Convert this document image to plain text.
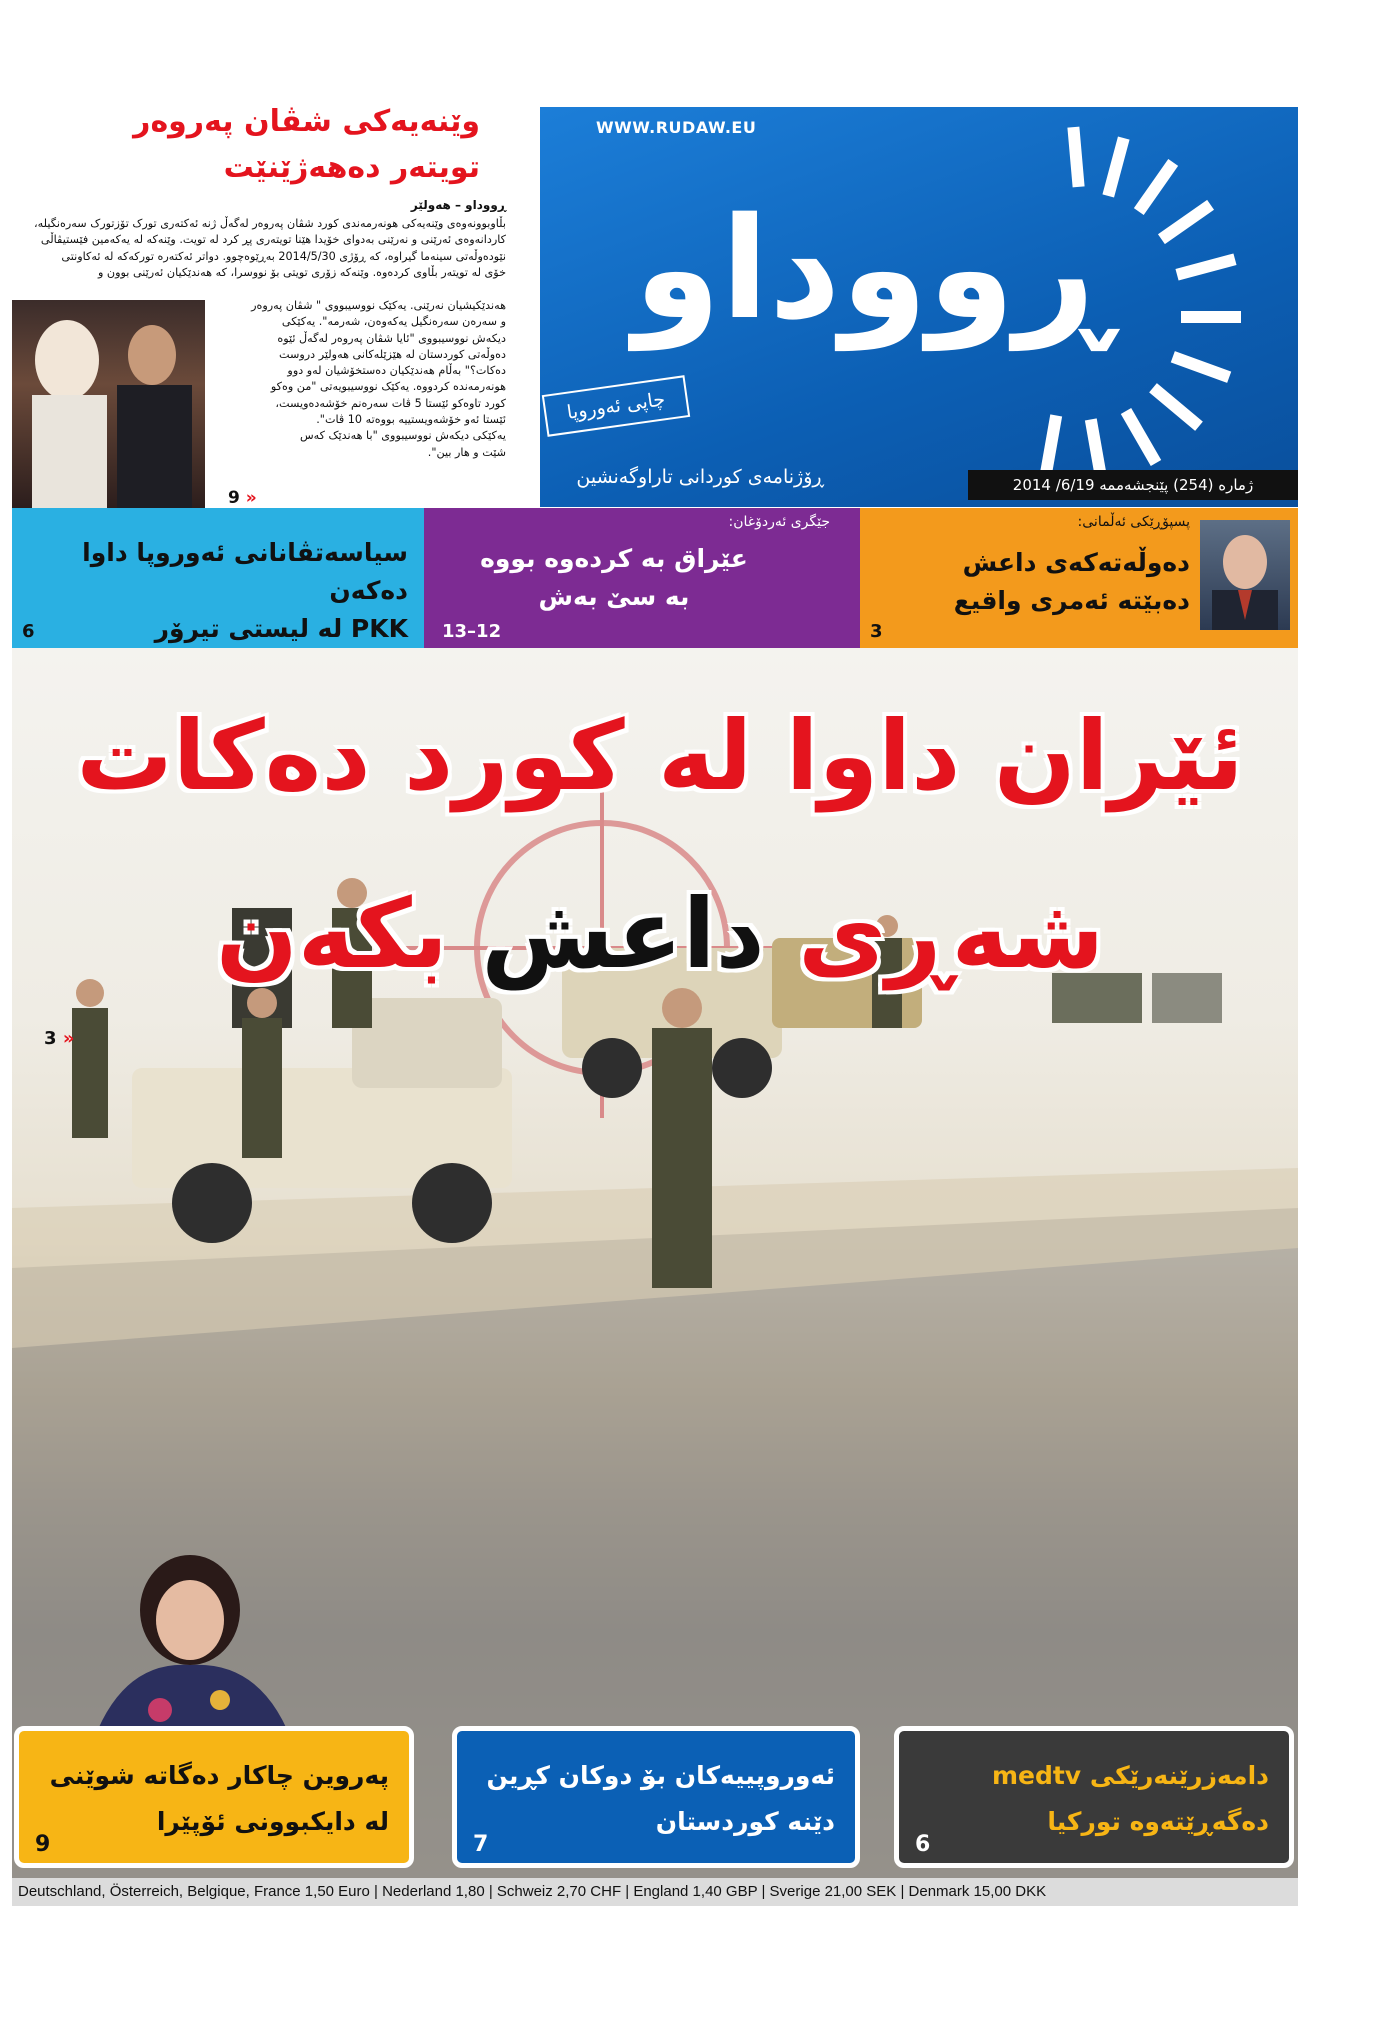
WWW.RUDAW.EU
ڕووداو
چاپی ئەوروپا
ڕۆژنامەی کوردانی تاراوگەنشین	ژمارە (254) پێنجشەممە 6/19/ 2014
وێنەیەکی شڤان پەروەر
تویتەر دەهەژێنێت
ڕووداو – هەولێر
بڵاوبوونەوەی وێنەیەکی هونەرمەندی کورد شڤان پەروەر لەگەڵ ژنە ئەکتەری تورک تۆزتورک سەرەنگیلە،
کاردانەوەی ئەرێنی و نەرێنی بەدوای خۆیدا هێنا تویتەری پڕ کرد لە تویت. وێنەکە لە یەکەمین فێستیڤاڵی
نێودەوڵەتی سینەما گیراوە، کە ڕۆژی 2014/5/30 بەڕێوەچوو. دواتر ئەکتەرە تورکەکە لە ئەکاونتی
خۆی لە تویتەر بڵاوی کردەوە. وێنەکە زۆری تویتی بۆ نووسرا، کە هەندێکیان ئەرێنی بوون و
هەندێکیشیان نەرێنی. یەکێک نووسیبووی " شڤان پەروەر
و سەرەن سەرەنگیل یەکەوەن، شەرمە". یەکێکی
دیکەش نووسیبووی "ئایا شڤان پەروەر لەگەڵ ئێوە
دەوڵەتی کوردستان لە هێزێلەکانی هەولێر دروست
دەکات؟" بەڵام هەندێکیان دەستخۆشیان لەو دوو
هونەرمەندە کردووە. یەکێک نووسیبویەتی "من وەکو
کورد تاوەکو ئێستا 5 ڤات سەرەنم خۆشەدەویست،
ئێستا ئەو خۆشەویستییە بووەتە 10 ڤات".
یەکێکی دیکەش نووسیبووی "با هەندێک کەس
شێت و هار بین".
9 »
سیاسەتڤانانی ئەوروپا داوا دەکەن
PKK لە لیستی تیرۆر
6
جێگری ئەردۆغان:
عێراق بە کردەوە بووە
بە سێ بەش
13–12
پسپۆڕێکی ئەڵمانی:
دەوڵەتەکەی داعش
دەبێتە ئەمری واقیع
3
ئێران داوا لە کورد دەکات
شەڕی داعش بکەن
3 »
پەروین چاکار دەگاتە شوێنی
لە دایکبوونی ئۆپێرا
9
ئەوروپییەکان بۆ دوکان کڕین
دێنە کوردستان
7
دامەزرێنەرێکی medtv
دەگەڕێتەوە تورکیا
6
Deutschland, Österreich, Belgique, France 1,50 Euro | Nederland 1,80 | Schweiz 2,70 CHF | England 1,40 GBP | Sverige 21,00 SEK | Denmark 15,00 DKK
